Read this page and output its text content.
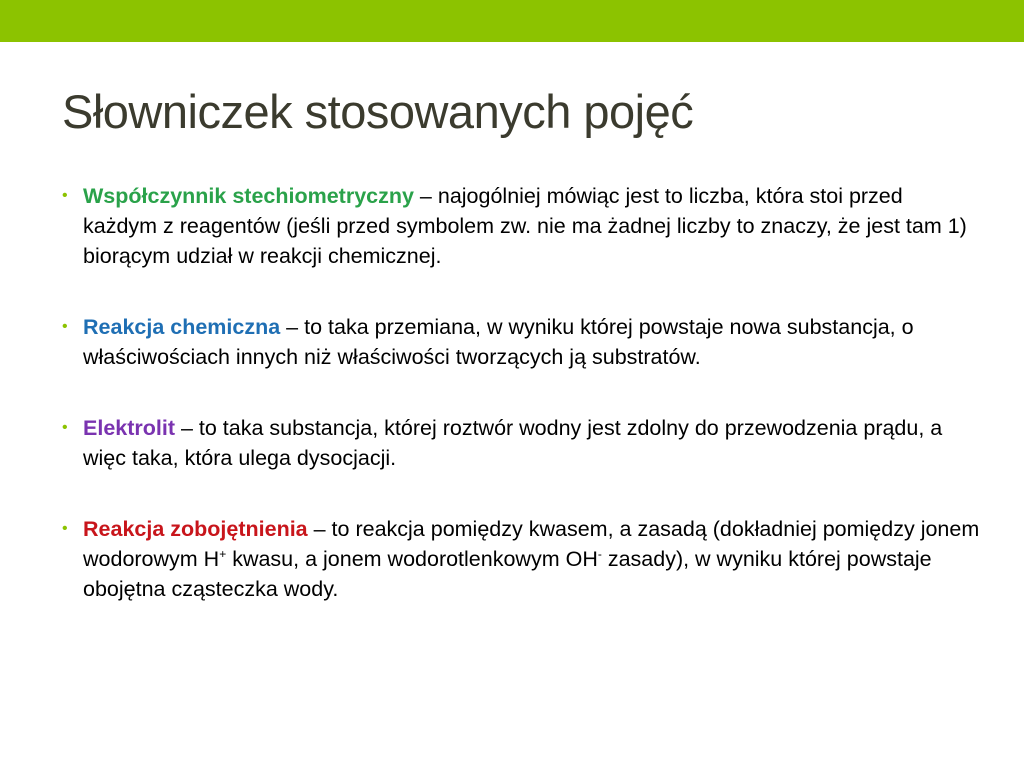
Słowniczek stosowanych pojęć
• Współczynnik stechiometryczny – najogólniej mówiąc jest to liczba, która stoi przed każdym z reagentów (jeśli przed symbolem zw. nie ma żadnej liczby to znaczy, że jest tam 1) biorącym udział w reakcji chemicznej.
• Reakcja chemiczna – to taka przemiana, w wyniku której powstaje nowa substancja, o właściwościach innych niż właściwości tworzących ją substratów.
• Elektrolit – to taka substancja, której roztwór wodny jest zdolny do przewodzenia prądu, a więc taka, która ulega dysocjacji.
• Reakcja zobojętnienia – to reakcja pomiędzy kwasem, a zasadą (dokładniej pomiędzy jonem wodorowym H+ kwasu, a jonem wodorotlenkowym OH- zasady), w wyniku której powstaje obojętna cząsteczka wody.
